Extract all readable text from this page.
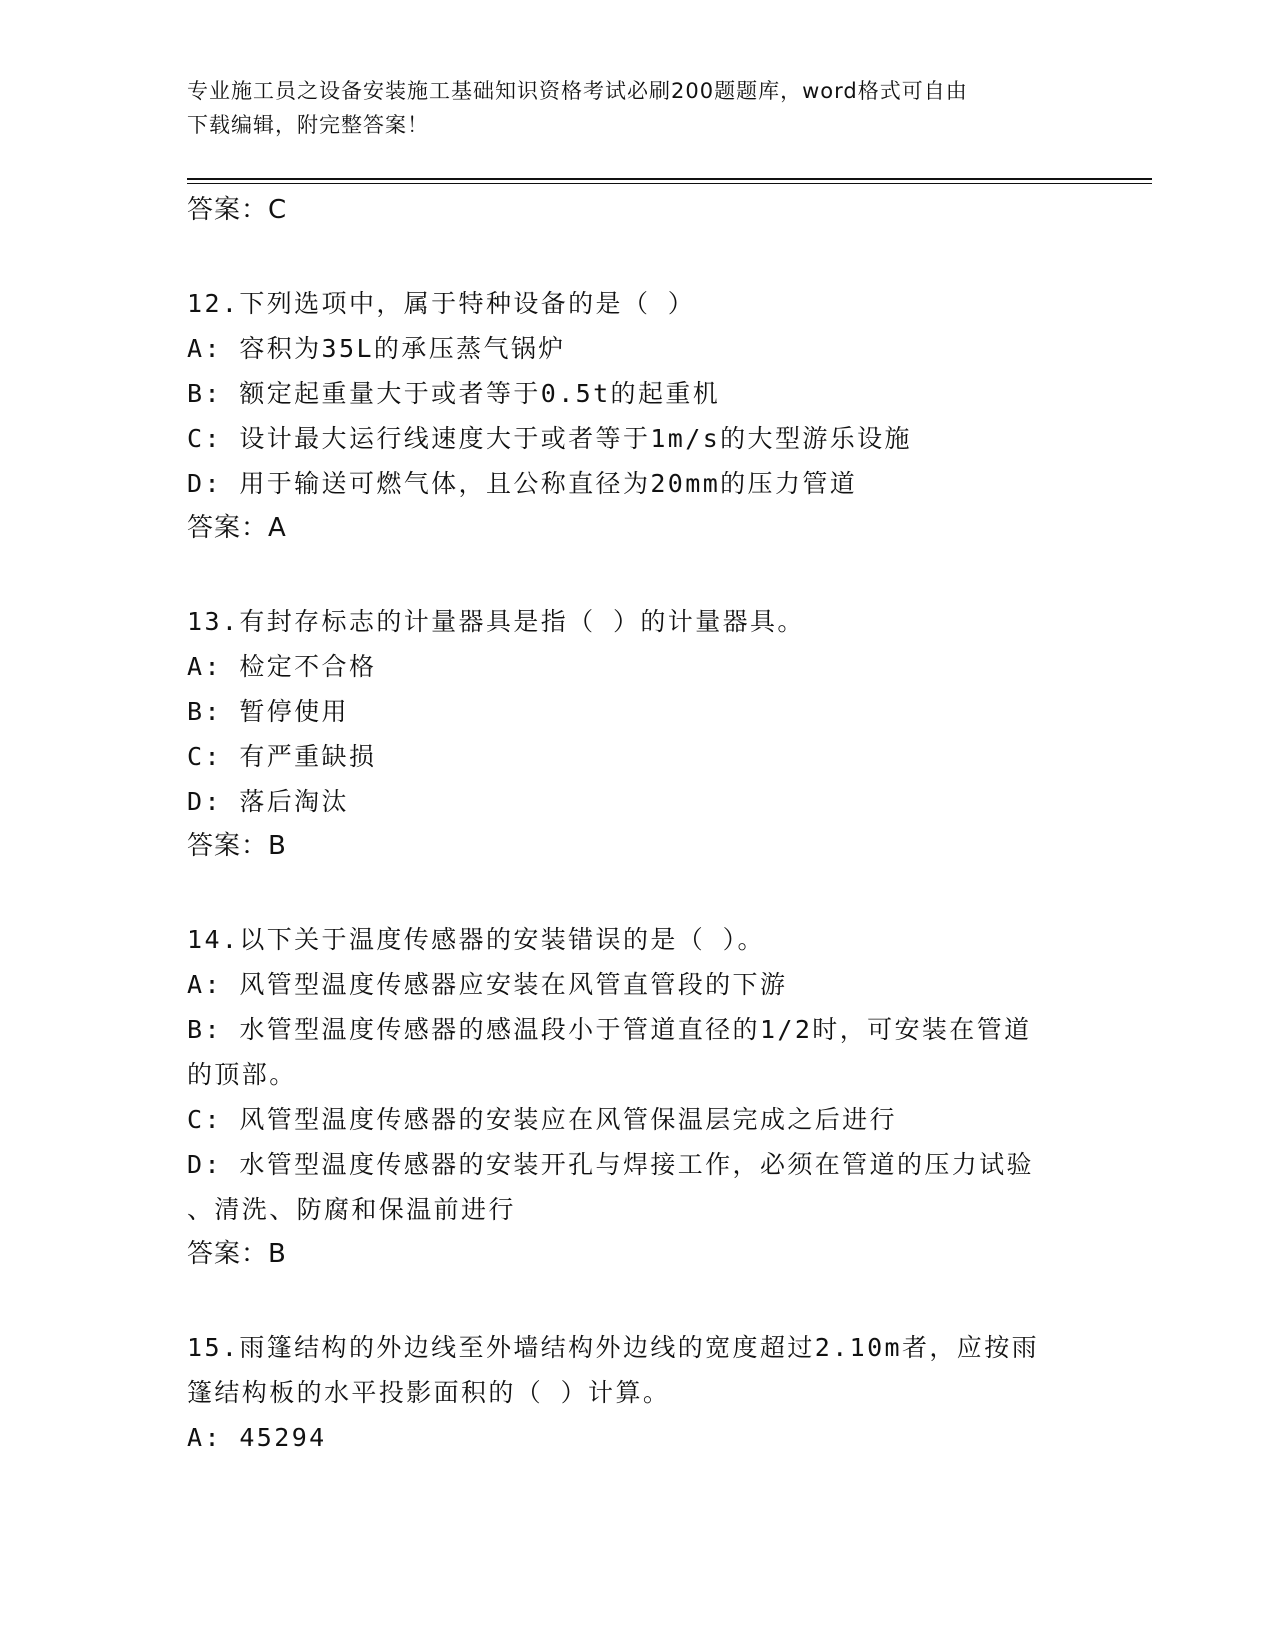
专业施工员之设备安装施工基础知识资格考试必刷200题题库，word格式可自由
下载编辑，附完整答案！
答案：C
12.下列选项中，属于特种设备的是（ ）
A: 容积为35L的承压蒸气锅炉
B: 额定起重量大于或者等于0.5t的起重机
C: 设计最大运行线速度大于或者等于1m/s的大型游乐设施
D: 用于输送可燃气体，且公称直径为20mm的压力管道
答案：A
13.有封存标志的计量器具是指（ ）的计量器具。
A: 检定不合格
B: 暂停使用
C: 有严重缺损
D: 落后淘汰
答案：B
14.以下关于温度传感器的安装错误的是（ ）。
A: 风管型温度传感器应安装在风管直管段的下游
B: 水管型温度传感器的感温段小于管道直径的1/2时，可安装在管道
的顶部。
C: 风管型温度传感器的安装应在风管保温层完成之后进行
D: 水管型温度传感器的安装开孔与焊接工作，必须在管道的压力试验
、清洗、防腐和保温前进行
答案：B
15.雨篷结构的外边线至外墙结构外边线的宽度超过2.10m者，应按雨
篷结构板的水平投影面积的（ ）计算。
A: 45294
